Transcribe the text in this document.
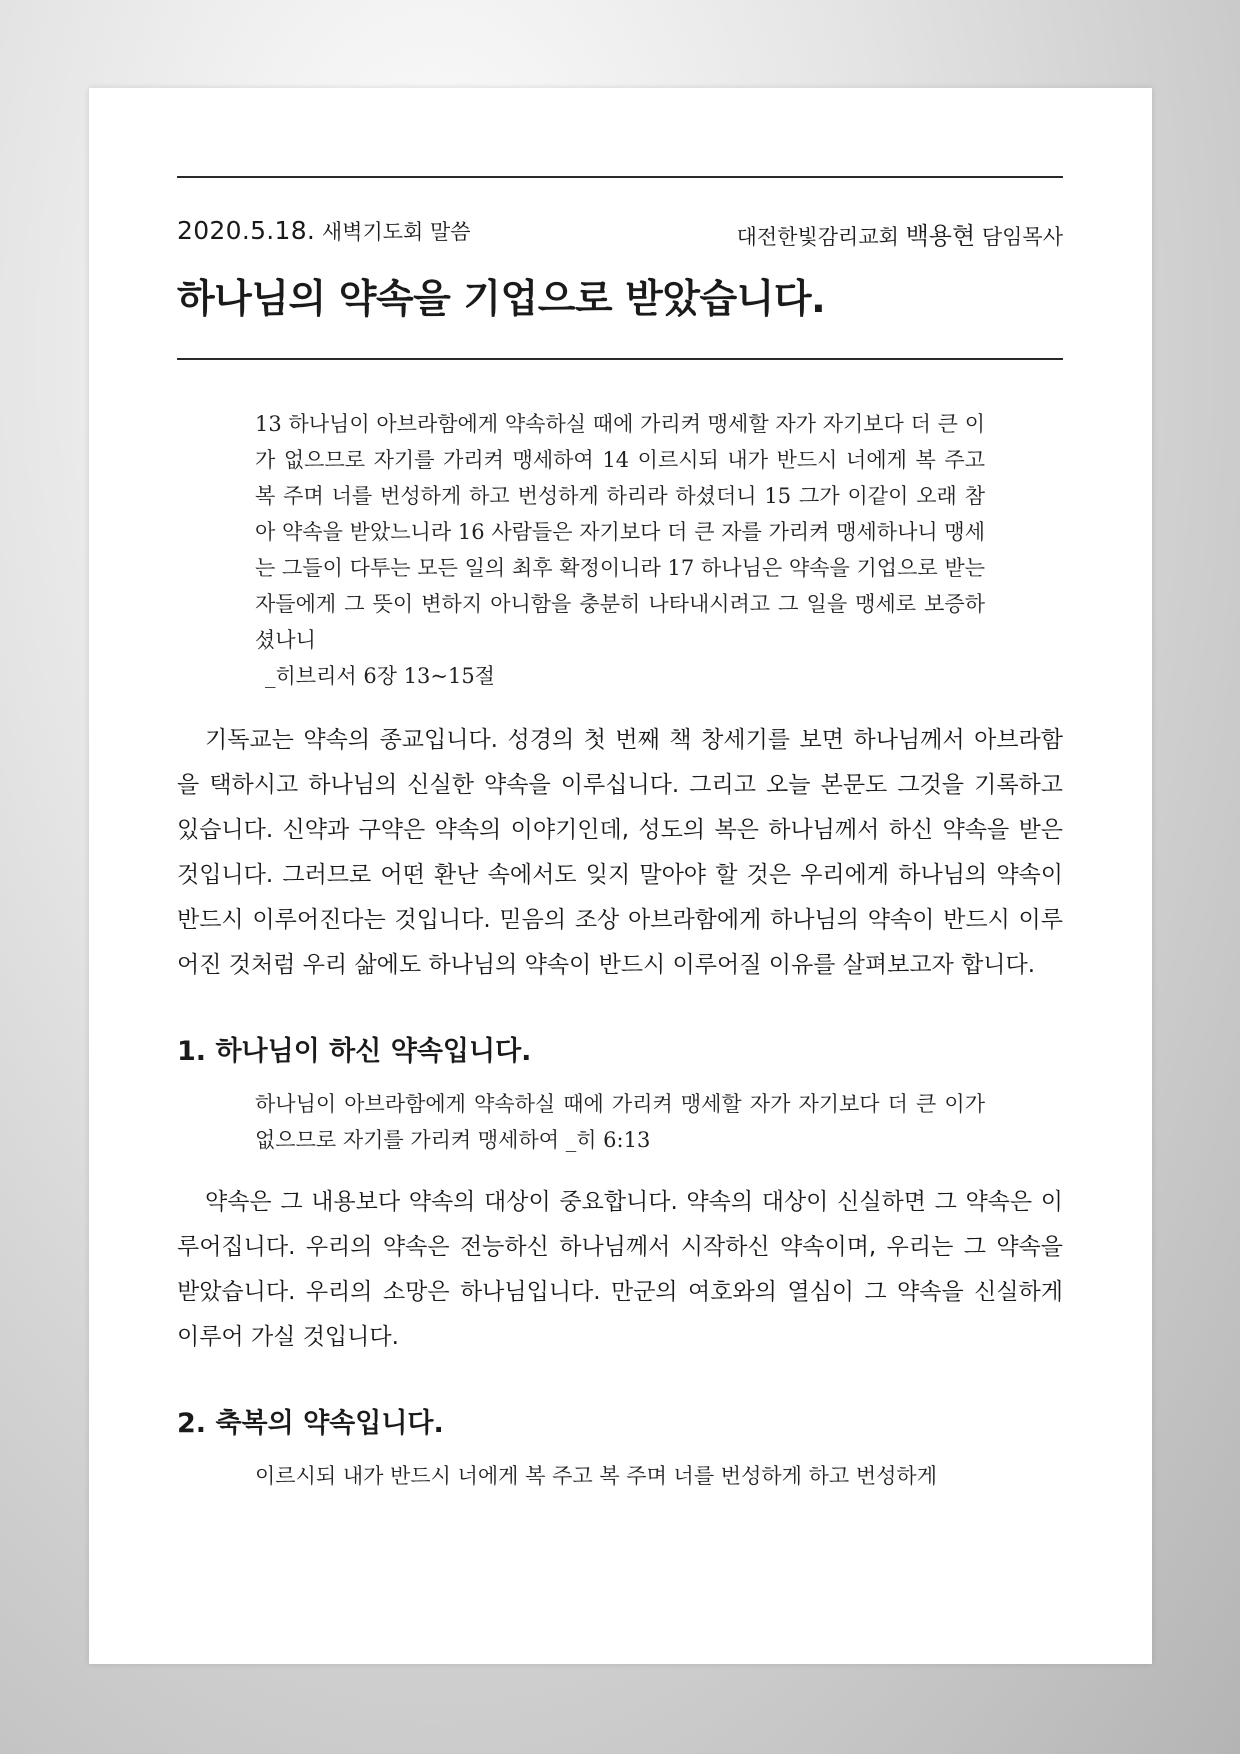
2020.5.18. 새벽기도회 말씀	대전한빛감리교회 백용현 담임목사
하나님의 약속을 기업으로 받았습니다.
13 하나님이 아브라함에게 약속하실 때에 가리켜 맹세할 자가 자기보다 더 큰 이가 없으므로 자기를 가리켜 맹세하여 14 이르시되 내가 반드시 너에게 복 주고 복 주며 너를 번성하게 하고 번성하게 하리라 하셨더니 15 그가 이같이 오래 참아 약속을 받았느니라 16 사람들은 자기보다 더 큰 자를 가리켜 맹세하나니 맹세는 그들이 다투는 모든 일의 최후 확정이니라 17 하나님은 약속을 기업으로 받는 자들에게 그 뜻이 변하지 아니함을 충분히 나타내시려고 그 일을 맹세로 보증하셨나니
_히브리서 6장 13~15절

기독교는 약속의 종교입니다. 성경의 첫 번째 책 창세기를 보면 하나님께서 아브라함을 택하시고 하나님의 신실한 약속을 이루십니다. 그리고 오늘 본문도 그것을 기록하고 있습니다. 신약과 구약은 약속의 이야기인데, 성도의 복은 하나님께서 하신 약속을 받은 것입니다. 그러므로 어떤 환난 속에서도 잊지 말아야 할 것은 우리에게 하나님의 약속이 반드시 이루어진다는 것입니다. 믿음의 조상 아브라함에게 하나님의 약속이 반드시 이루어진 것처럼 우리 삶에도 하나님의 약속이 반드시 이루어질 이유를 살펴보고자 합니다.

1. 하나님이 하신 약속입니다.
하나님이 아브라함에게 약속하실 때에 가리켜 맹세할 자가 자기보다 더 큰 이가 없으므로 자기를 가리켜 맹세하여 _히 6:13

약속은 그 내용보다 약속의 대상이 중요합니다. 약속의 대상이 신실하면 그 약속은 이루어집니다. 우리의 약속은 전능하신 하나님께서 시작하신 약속이며, 우리는 그 약속을 받았습니다. 우리의 소망은 하나님입니다. 만군의 여호와의 열심이 그 약속을 신실하게 이루어 가실 것입니다.

2. 축복의 약속입니다.
이르시되 내가 반드시 너에게 복 주고 복 주며 너를 번성하게 하고 번성하게
